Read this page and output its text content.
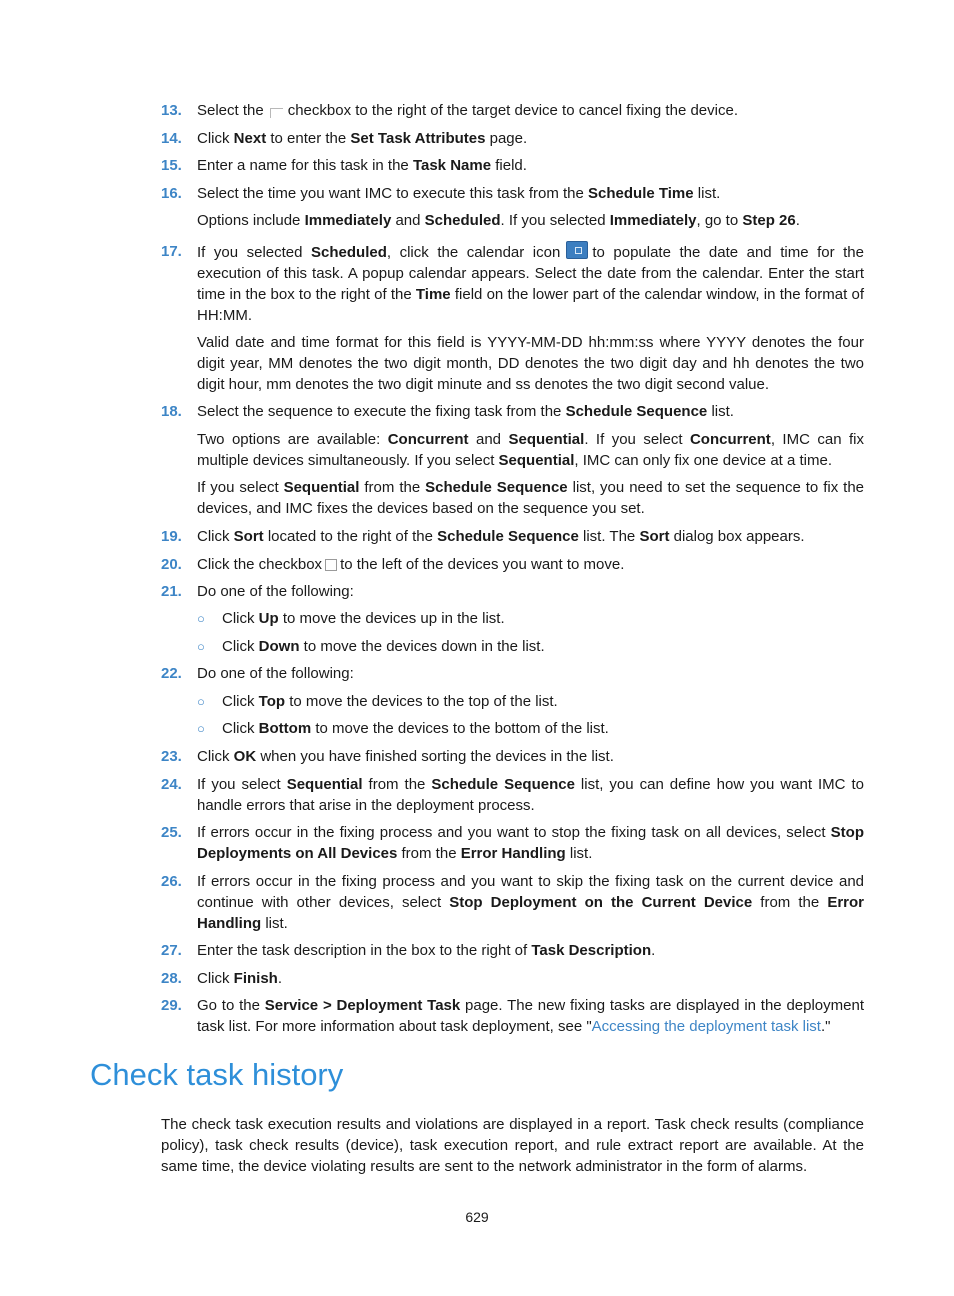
13. Select the checkbox to the right of the target device to cancel fixing the device.
14. Click Next to enter the Set Task Attributes page.
15. Enter a name for this task in the Task Name field.
16. Select the time you want IMC to execute this task from the Schedule Time list.
Options include Immediately and Scheduled. If you selected Immediately, go to Step 26.
17. If you selected Scheduled, click the calendar icon to populate the date and time for the execution of this task. A popup calendar appears. Select the date from the calendar. Enter the start time in the box to the right of the Time field on the lower part of the calendar window, in the format of HH:MM.
Valid date and time format for this field is YYYY-MM-DD hh:mm:ss where YYYY denotes the four digit year, MM denotes the two digit month, DD denotes the two digit day and hh denotes the two digit hour, mm denotes the two digit minute and ss denotes the two digit second value.
18. Select the sequence to execute the fixing task from the Schedule Sequence list.
Two options are available: Concurrent and Sequential. If you select Concurrent, IMC can fix multiple devices simultaneously. If you select Sequential, IMC can only fix one device at a time.
If you select Sequential from the Schedule Sequence list, you need to set the sequence to fix the devices, and IMC fixes the devices based on the sequence you set.
19. Click Sort located to the right of the Schedule Sequence list. The Sort dialog box appears.
20. Click the checkbox to the left of the devices you want to move.
21. Do one of the following:
○ Click Up to move the devices up in the list.
○ Click Down to move the devices down in the list.
22. Do one of the following:
○ Click Top to move the devices to the top of the list.
○ Click Bottom to move the devices to the bottom of the list.
23. Click OK when you have finished sorting the devices in the list.
24. If you select Sequential from the Schedule Sequence list, you can define how you want IMC to handle errors that arise in the deployment process.
25. If errors occur in the fixing process and you want to stop the fixing task on all devices, select Stop Deployments on All Devices from the Error Handling list.
26. If errors occur in the fixing process and you want to skip the fixing task on the current device and continue with other devices, select Stop Deployment on the Current Device from the Error Handling list.
27. Enter the task description in the box to the right of Task Description.
28. Click Finish.
29. Go to the Service > Deployment Task page. The new fixing tasks are displayed in the deployment task list. For more information about task deployment, see "Accessing the deployment task list."
Check task history
The check task execution results and violations are displayed in a report. Task check results (compliance policy), task check results (device), task execution report, and rule extract report are available. At the same time, the device violating results are sent to the network administrator in the form of alarms.
629
